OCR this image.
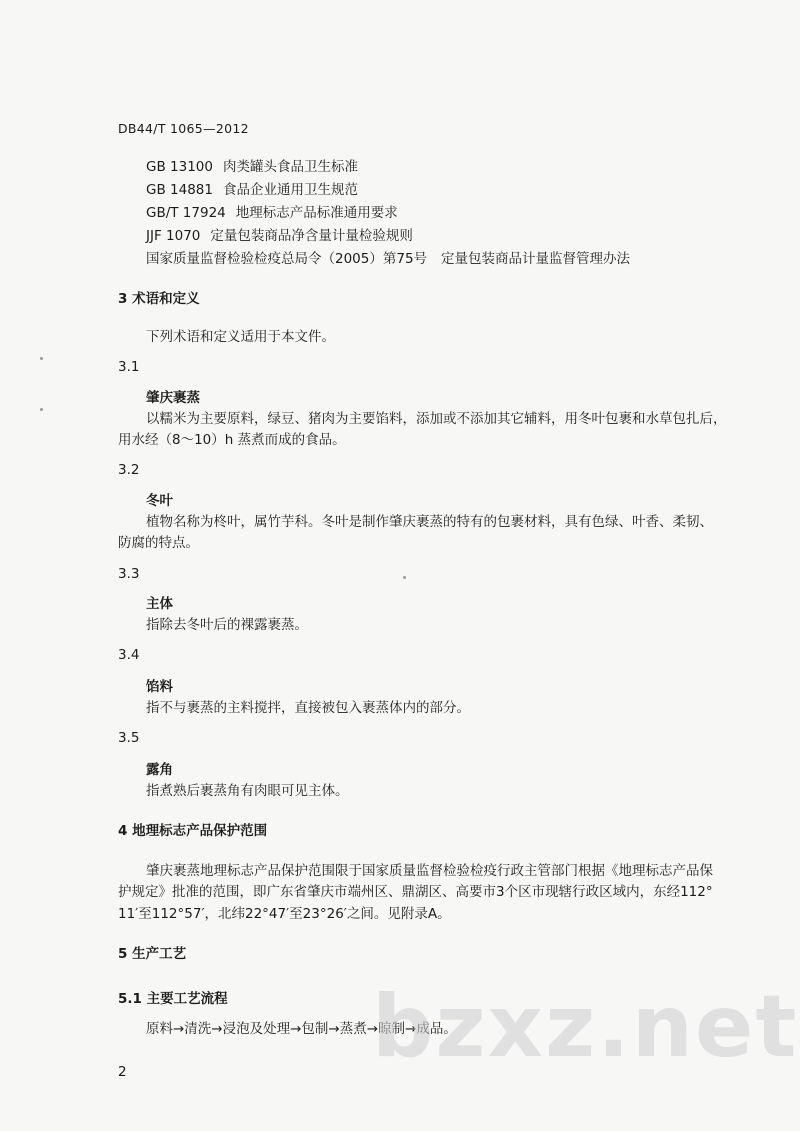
DB44/T 1065—2012
GB 13100 肉类罐头食品卫生标准
GB 14881 食品企业通用卫生规范
GB/T 17924 地理标志产品标准通用要求
JJF 1070 定量包装商品净含量计量检验规则
国家质量监督检验检疫总局令（2005）第75号 定量包装商品计量监督管理办法
3 术语和定义
下列术语和定义适用于本文件。
3.1
肇庆裹蒸
以糯米为主要原料，绿豆、猪肉为主要馅料，添加或不添加其它辅料，用冬叶包裹和水草包扎后，
用水经（8～10）h 蒸煮而成的食品。
3.2
冬叶
植物名称为柊叶，属竹芋科。冬叶是制作肇庆裹蒸的特有的包裹材料，具有色绿、叶香、柔韧、
防腐的特点。
3.3
主体
指除去冬叶后的裸露裹蒸。
3.4
馅料
指不与裹蒸的主料搅拌，直接被包入裹蒸体内的部分。
3.5
露角
指煮熟后裹蒸角有肉眼可见主体。
4 地理标志产品保护范围
肇庆裹蒸地理标志产品保护范围限于国家质量监督检验检疫行政主管部门根据《地理标志产品保
护规定》批准的范围，即广东省肇庆市端州区、鼎湖区、高要市3个区市现辖行政区域内，东经112°
11′至112°57′，北纬22°47′至23°26′之间。见附录A。
5 生产工艺
5.1 主要工艺流程
原料→清洗→浸泡及处理→包制→蒸煮→晾制→成品。
2	bzxz.net
